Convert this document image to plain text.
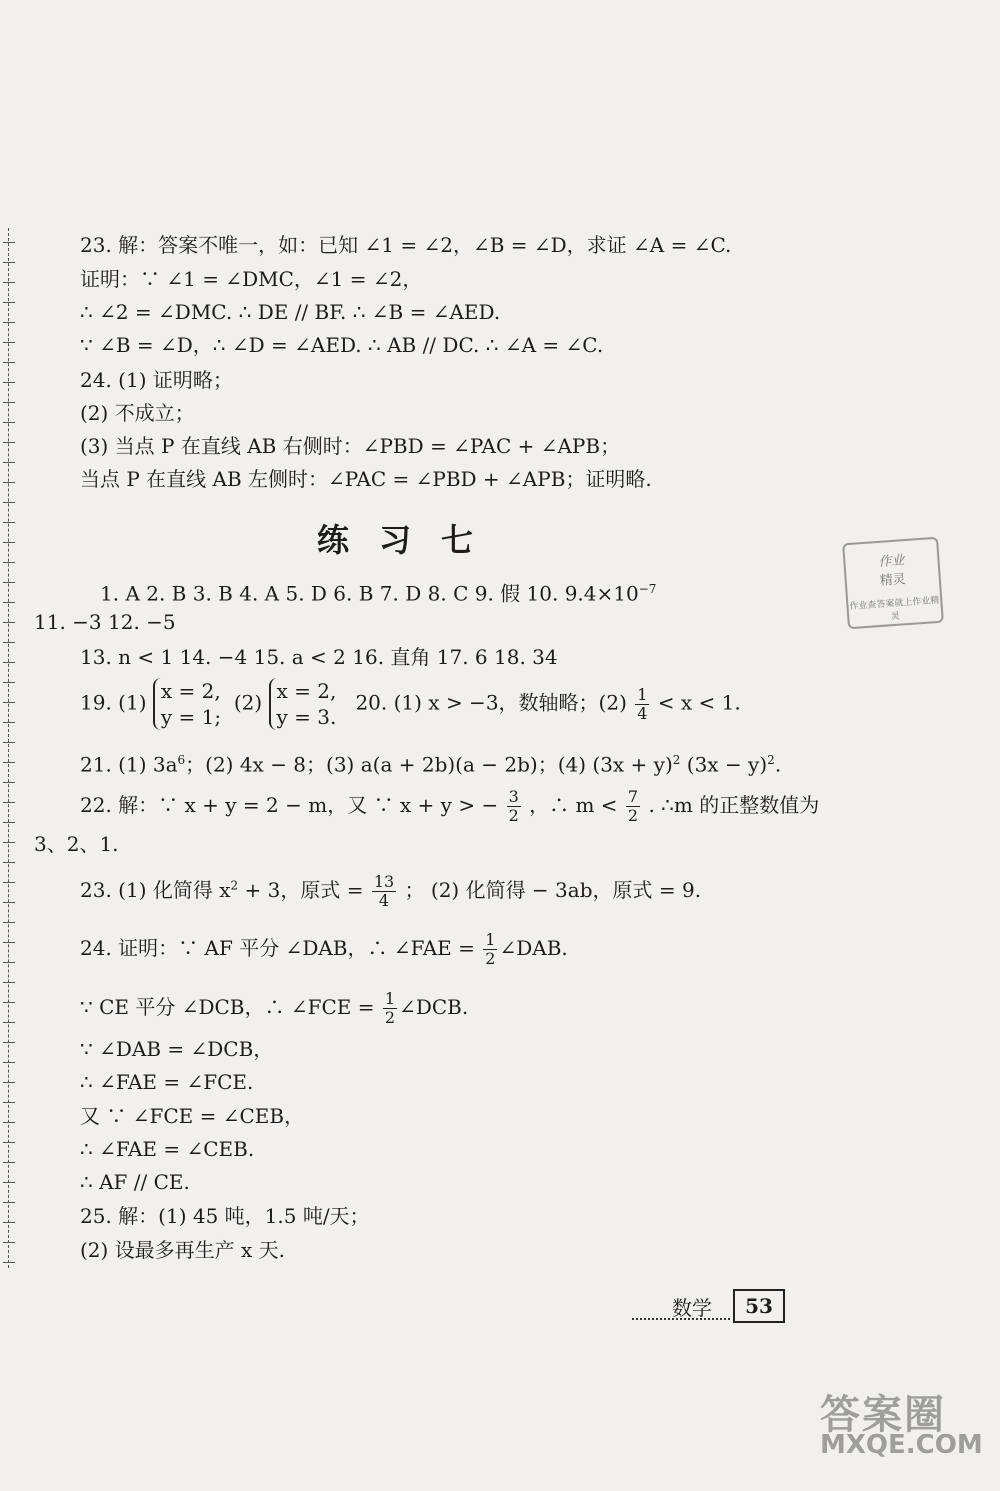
23. 解：答案不唯一，如：已知 ∠1 = ∠2，∠B = ∠D，求证 ∠A = ∠C.
证明：∵ ∠1 = ∠DMC，∠1 = ∠2，
∴ ∠2 = ∠DMC. ∴ DE // BF. ∴ ∠B = ∠AED.
∵ ∠B = ∠D，∴ ∠D = ∠AED. ∴ AB // DC. ∴ ∠A = ∠C.
24. (1) 证明略；
(2) 不成立；
(3) 当点 P 在直线 AB 右侧时：∠PBD = ∠PAC + ∠APB；
当点 P 在直线 AB 左侧时：∠PAC = ∠PBD + ∠APB；证明略.
练习七
作业
精灵
作业查答案就上作业精灵
1. A 2. B 3. B 4. A 5. D 6. B 7. D 8. C 9. 假 10. $9.4\times 10^{-7}$
11. −3 12. −5
13. n < 1 14. −4 15. a < 2 16. 直角 17. 6 18. 34
19. (1) x = 2,
y = 1;
(2) x = 2,
y = 3.
20. (1) x > −3，数轴略；$(2) \frac{1}{4} < x < 1$.
21. (1) $3a^6$；(2) 4x − 8；(3) a(a + 2b)(a − 2b)；(4) $(3x + y)^2$ $(3x - y)^2$.
22. 解：∵ x + y = 2 − m，又 ∵ x + y > − $\frac{3}{2}$ ，∴ $m < \frac{7}{2}$ . ∴m 的正整数值为
3、2、1.
23. (1) 化简得 $x^2 + 3$，原式 = $\frac{13}{4}$ ； (2) 化简得 − 3ab，原式 = 9.
24. 证明：∵ AF 平分 ∠DAB，∴ ∠FAE = $\frac{1}{2}$ ∠DAB.
∵ CE 平分 ∠DCB，∴ ∠FCE = $\frac{1}{2}$ ∠DCB.
∵ ∠DAB = ∠DCB，
∴ ∠FAE = ∠FCE.
又 ∵ ∠FCE = ∠CEB，
∴ ∠FAE = ∠CEB.
∴ AF // CE.
25. 解：(1) 45 吨，1.5 吨/天；
(2) 设最多再生产 x 天.
数学	53
答案圈
MXQE.COM
